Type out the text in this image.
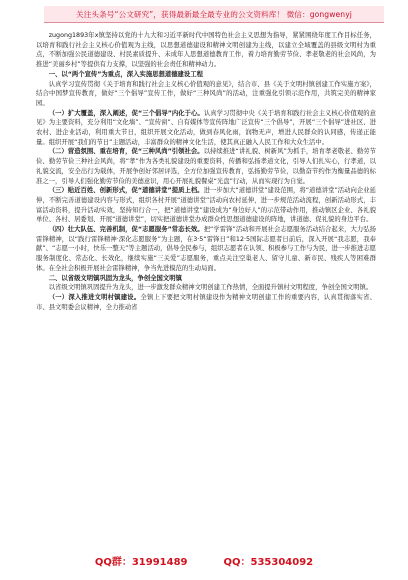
关注头条号“公文研究”，获得最新最全最专业的公文资料库！ 微信：gongwenyj

zugong1893年x镇坚持以党的十九大和习近平新时代中国特色社会主义思想为指导，紧紧围绕年度工作目标任务，以培育和践行社会主义核心价值观为主线，以思想道德建设和精神文明创建为主线，以建立全域覆盖的县级文明村为重点，不断加强公民道德建设、村民素质提升、未成年人思想道德教育工作，着力培育勤劳节俭、孝老敬老的社会风尚，为推进“美丽乡村”等提供有力支撑，以坚强的社会责任和精神动力。

一、以“两个宣传”为重点，深入实施思想道德建设工程

认真学习宣传贯彻《关于培育和践行社会主义核心价值观的意见》，结合市、县《关于文明村镇创建工作实施方案》，结合中国梦宣传教育，做好“三个倡导”宣传工作，做好“三种风尚”的活动，注重强化引领示范作用，共筑完美的精神家园。

（一）扩大覆盖，深入阐述，促“三个倡导”内化于心。认真学习贯彻中央《关于培育和践行社会主义核心价值观的意见》为主要资料，充分利用“文化墙”、“宣传窗”、自有媒体等宣传阵地广泛宣传“三个倡导”，开展“三个倡导”进社区、进农村、进企业活动，利用重大节日，组织开展文化活动，做到春风化雨，润物无声，增进人民群众的认同感，传递正能量。组织开展“我们的节日”主题活动，丰富群众的精神文化生活，使其真正融入人民工作和大众生活中。

（二）营造氛围、重在培育，促“三种风尚”引领社会。以持续推进“讲礼貌、树新风”为抓手，培育孝老敬老、勤劳节俭、勤劳节俭三种社会风尚，将“孝”作为各类礼貌建设的重要资料，传播和弘扬孝道文化，引导人们扎实心，行孝道，以礼貌交流，安全出行为载体，开展争创好邻居评选，全方位加强宣传教育，弘扬勤劳节俭，以勤奋节约作为衡量品德的标准之一，引导人们强化勤劳节俭的美德意识，用心开展礼貌餐桌“光盘”行动，从而实现行为自觉。

（三）贴近百姓、创新形式，促“道德讲堂”提质上档。进一步加大“道德讲堂”建设范围，将“道德讲堂”活动向企业延伸，不断完善道德建设内容与形式，组织各村开展“道德讲堂”活动向农村延伸，进一步规范活动流程，创新活动形式，丰富活动资料，提升活动实效，坚持知行合一，把“道德讲堂”建设成为“身边好人”的示范带动作用，推动镇区企业、各礼貌单位、各村、居委划、开展“道德讲堂”，切实把道德讲堂办成群众性思想道德建设的阵地，讲道德、促礼貌的身边平台。

（四）壮大队伍、完善机制，促“志愿服务”常态长效。把“学雷锋”活动和开展社会志愿服务活动结合起来，大力弘扬雷锋精神，以“践行雷锋精神·深化志愿服务”为主题，在3·5“雷锋日”和12·5国际志愿者日前后，深入开展“我志愿，我奉献”、“志愿一小时，快乐一整天”等主题活动，倡导全民参与，组织志愿者在认领、积极参与工作与为民，进一步推进志愿服务制度化、常态化、长效化，继续实施“三关爱”志愿服务，重点关注空巢老人、留守儿童、新市民、残疾人等困难群体。在全社会积极开展社会雷锋精神，争当先进模范的生动局面。

二、以省级文明镇巩固为龙头，争创全国文明镇

以省级文明镇巩固提升为龙头，进一步激发群众精神文明创建工作热情，全面提升镇村文明程度，争创全国文明镇。

（一）深入推进文明村镇建设。全镇上下要把文明村镇建设作为精神文明创建工作的重要内容，认真贯彻落实省、市、县文明委会议精神，全力推动省

QQ群：31991489	QQ：535304092
